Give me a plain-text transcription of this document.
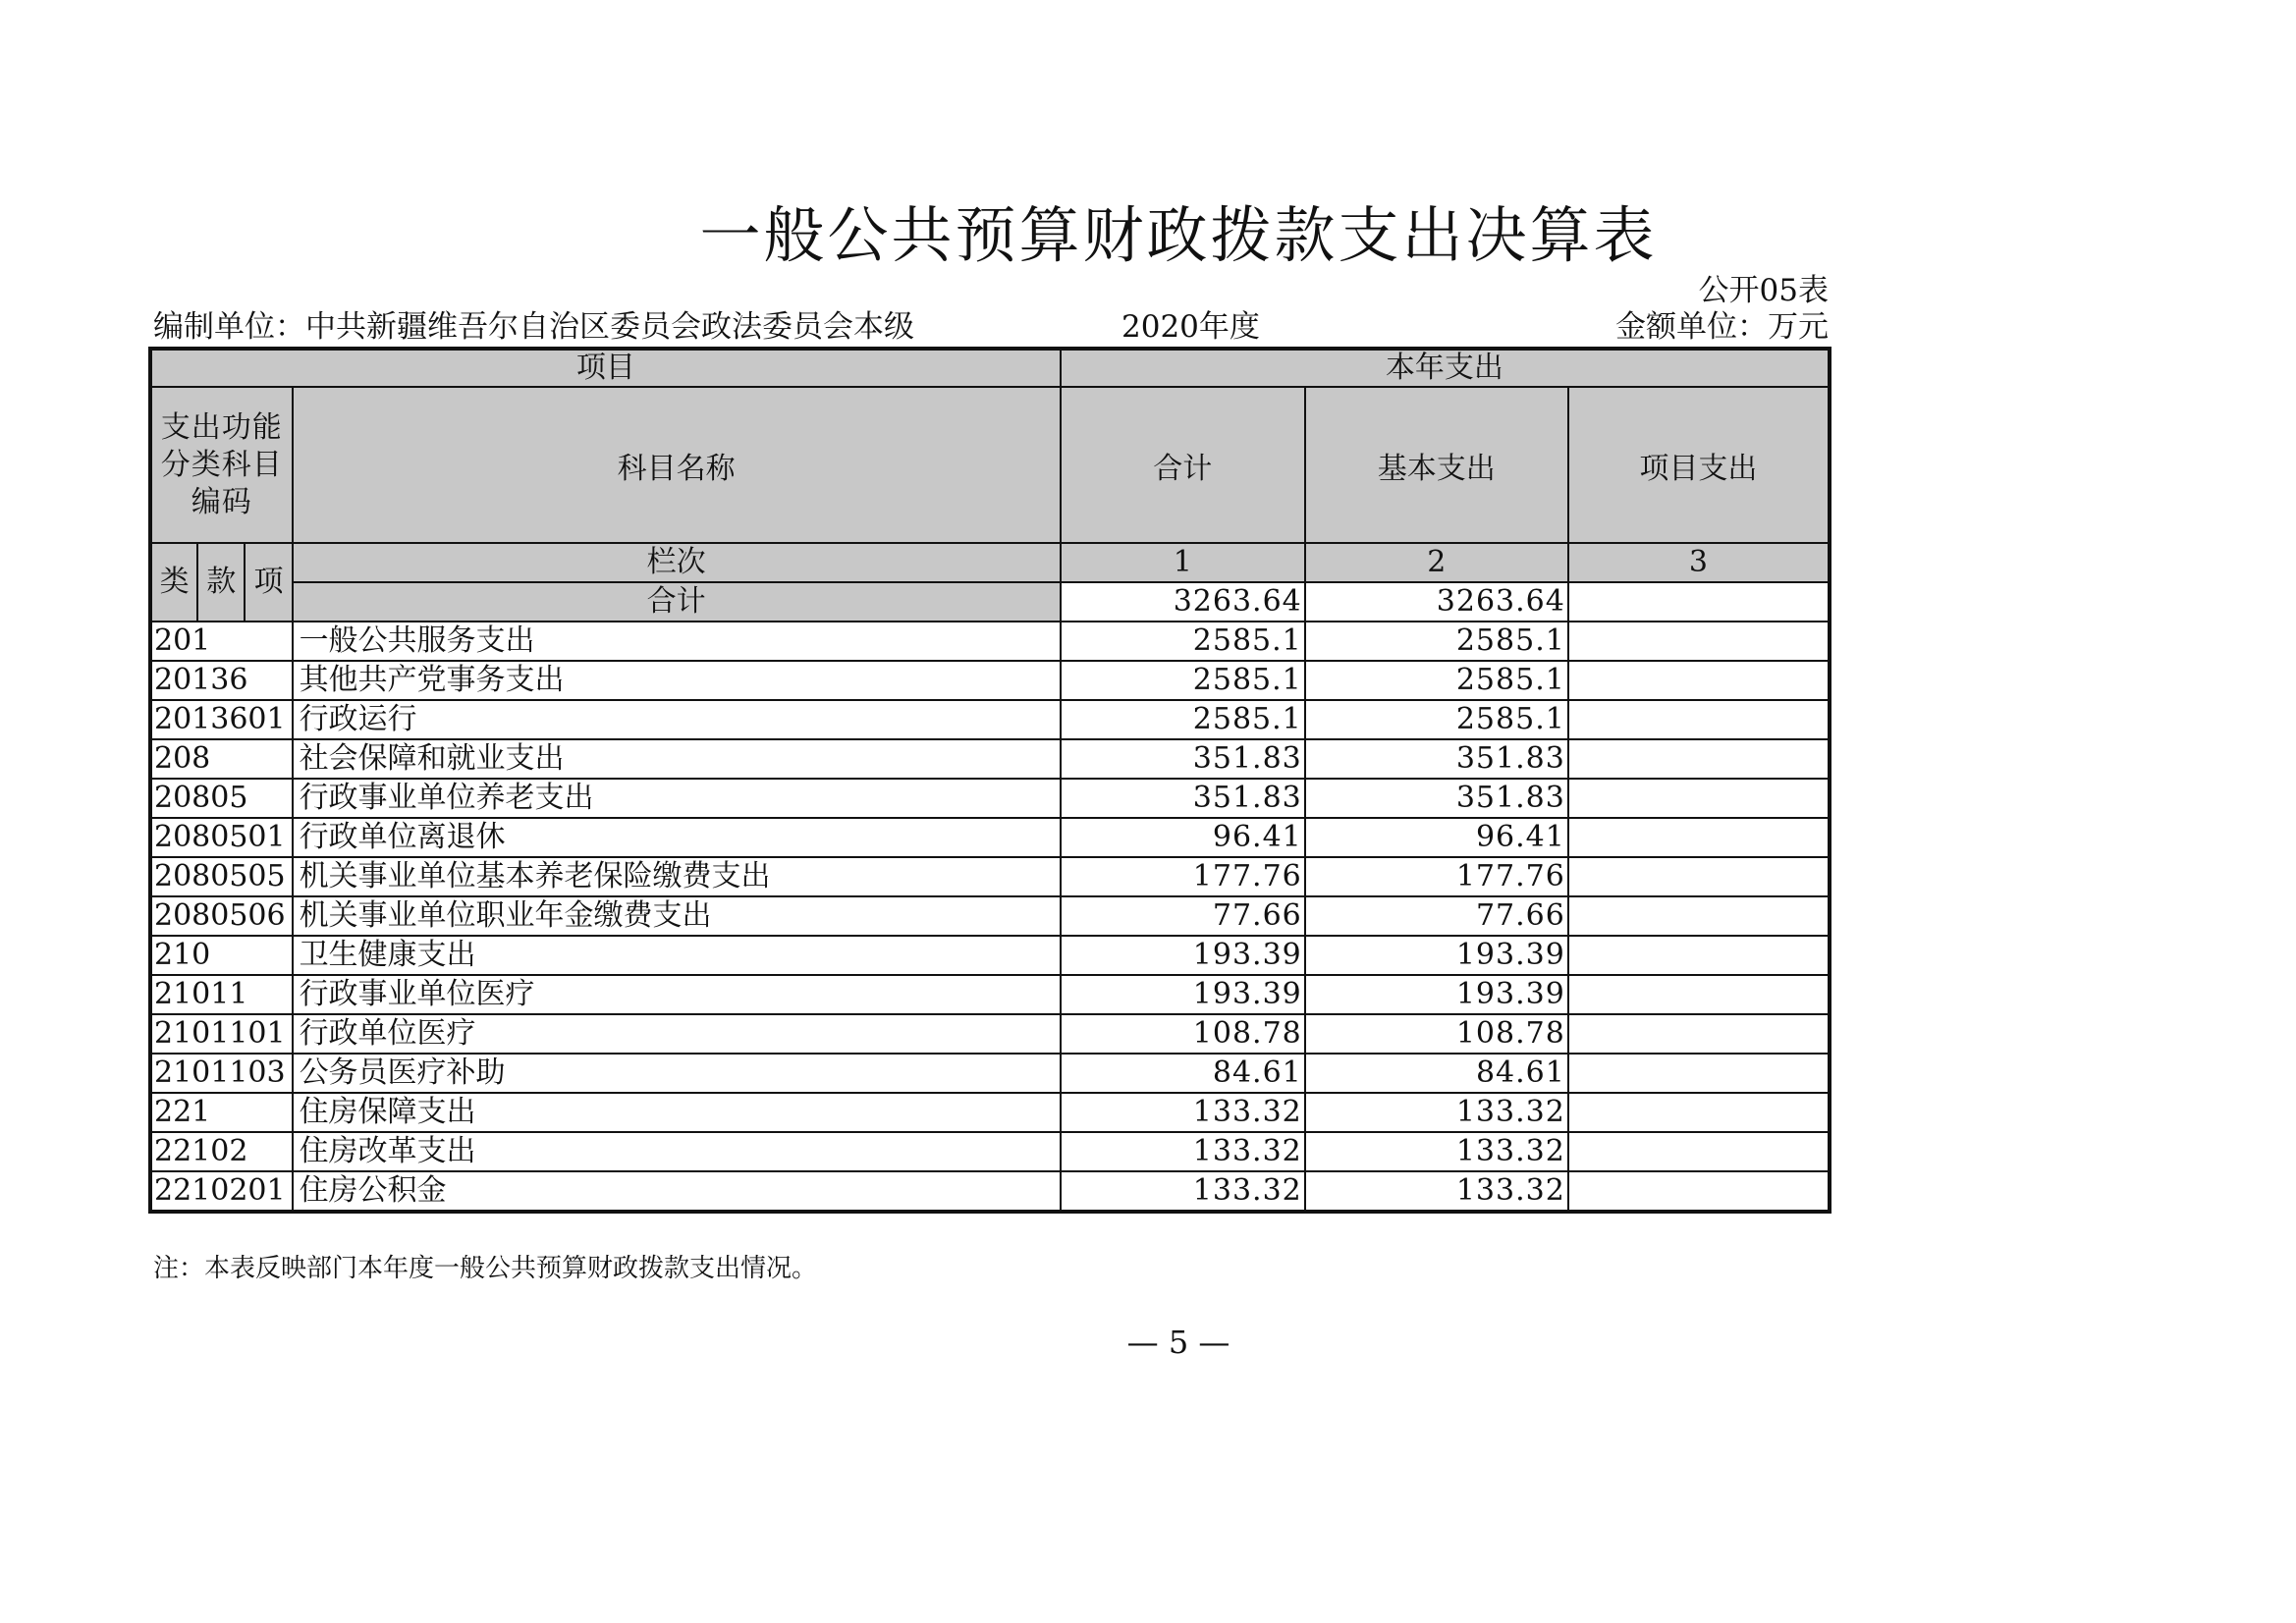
一般公共预算财政拨款支出决算表
公开05表
编制单位：中共新疆维吾尔自治区委员会政法委员会本级	2020年度	金额单位：万元
项目				本年支出		
支出功能分类科目编码			科目名称	合计	基本支出	项目支出
类	款	项	栏次	1	2	3
			合计	3263.64	3263.64	
201			一般公共服务支出	2585.1	2585.1	
20136			其他共产党事务支出	2585.1	2585.1	
2013601			行政运行	2585.1	2585.1	
208			社会保障和就业支出	351.83	351.83	
20805			行政事业单位养老支出	351.83	351.83	
2080501			行政单位离退休	96.41	96.41	
2080505			机关事业单位基本养老保险缴费支出	177.76	177.76	
2080506			机关事业单位职业年金缴费支出	77.66	77.66	
210			卫生健康支出	193.39	193.39	
21011			行政事业单位医疗	193.39	193.39	
2101101			行政单位医疗	108.78	108.78	
2101103			公务员医疗补助	84.61	84.61	
221			住房保障支出	133.32	133.32	
22102			住房改革支出	133.32	133.32	
2210201			住房公积金	133.32	133.32	
注：本表反映部门本年度一般公共预算财政拨款支出情况。
— 5 —
